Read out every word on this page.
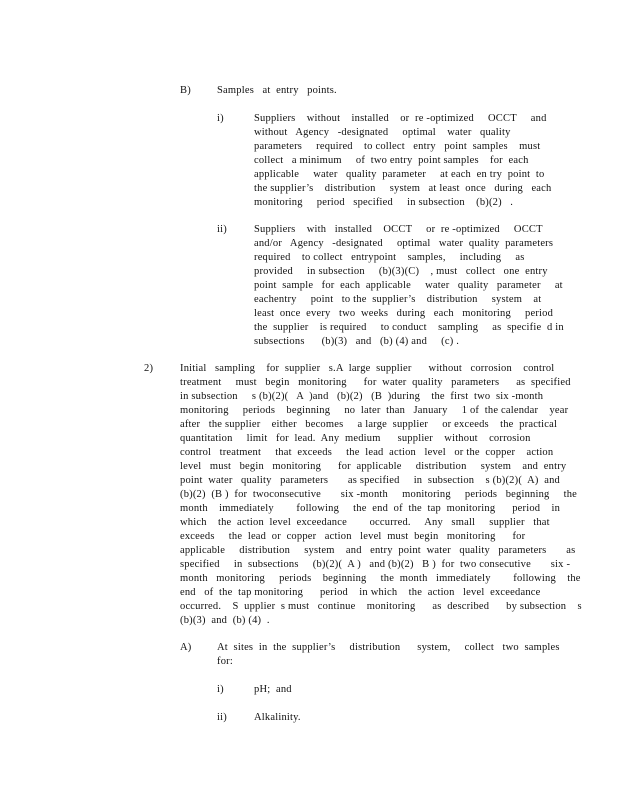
B) Samples   at  entry   points.
i)	Suppliers    without    installed    or  re -optimized     OCCT     and
without   Agency   -designated     optimal    water   quality
parameters     required    to collect   entry   point  samples    must
collect   a minimum     of  two entry  point samples    for  each
applicable     water   quality  parameter     at each  en try  point  to
the supplier’s    distribution     system   at least  once   during   each
monitoring     period   specified     in subsection    (b)(2)   .
ii)	Suppliers    with   installed    OCCT     or  re -optimized     OCCT
and/or   Agency   -designated     optimal   water  quality  parameters
required    to collect   entrypoint    samples,     including     as
provided     in subsection     (b)(3)(C)    , must   collect   one  entry
point  sample   for  each  applicable     water   quality   parameter     at
eachentry     point   to the  supplier’s    distribution     system    at
least  once  every   two  weeks   during   each   monitoring     period
the  supplier    is required     to conduct    sampling     as  specifie  d in
subsections      (b)(3)   and   (b) (4) and     (c) .
2)	Initial   sampling    for  supplier   s.A  large  supplier      without   corrosion    control
treatment     must   begin   monitoring      for  water  quality   parameters      as  specified
in subsection     s (b)(2)(   A  )and   (b)(2)   (B  )during    the  first  two  six -month
monitoring     periods    beginning     no  later  than   January     1 of  the calendar    year
after   the supplier    either   becomes     a large  supplier     or exceeds    the  practical
quantitation     limit   for  lead.  Any  medium      supplier    without    corrosion
control   treatment     that  exceeds     the  lead  action   level   or the  copper    action
level   must   begin   monitoring      for  applicable     distribution     system    and  entry
point  water   quality   parameters       as specified     in  subsection    s (b)(2)(  A)  and
(b)(2)  (B )  for  twoconsecutive       six -month     monitoring     periods   beginning     the
month    immediately        following     the  end  of  the  tap  monitoring      period    in
which    the  action  level  exceedance        occurred.     Any   small     supplier   that
exceeds     the  lead  or  copper   action   level  must  begin   monitoring      for
applicable     distribution     system    and   entry  point  water   quality   parameters       as
specified     in  subsections     (b)(2)(  A )   and (b)(2)   B )  for  two consecutive       six -
month   monitoring     periods    beginning     the  month   immediately        following    the
end   of  the  tap monitoring      period    in which    the  action   level  exceedance
occurred.    S  upplier  s must   continue    monitoring      as  described      by subsection    s
(b)(3)  and  (b) (4)  .
A) At  sites  in  the  supplier’s     distribution      system,     collect   two  samples
for:
i)	pH;  and
ii)	Alkalinity.
